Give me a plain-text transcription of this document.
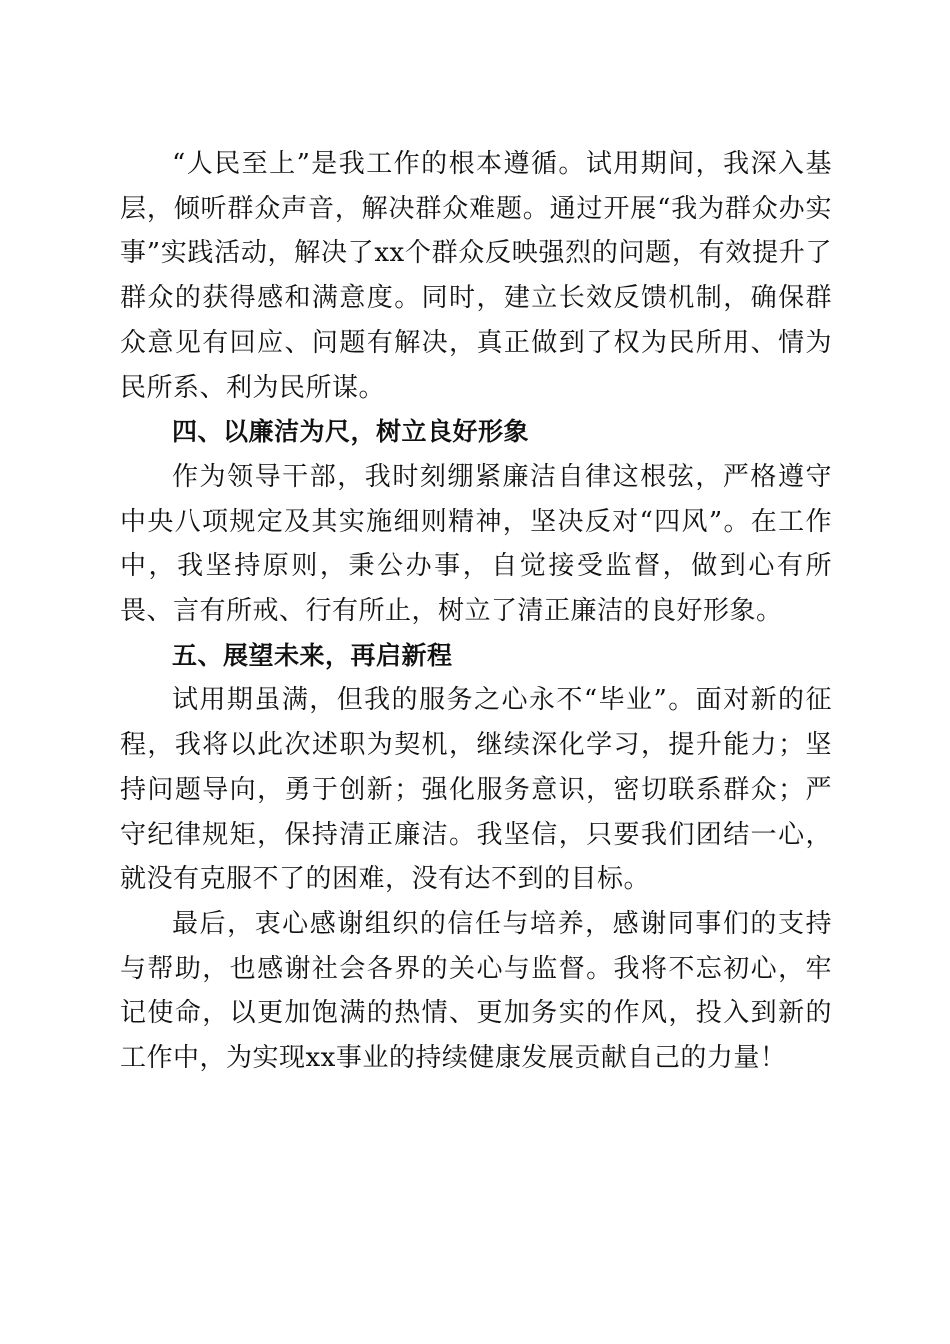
“人民至上”是我工作的根本遵循。试用期间，我深入基层，倾听群众声音，解决群众难题。通过开展“我为群众办实事”实践活动，解决了xx个群众反映强烈的问题，有效提升了群众的获得感和满意度。同时，建立长效反馈机制，确保群众意见有回应、问题有解决，真正做到了权为民所用、情为民所系、利为民所谋。

四、以廉洁为尺，树立良好形象

作为领导干部，我时刻绷紧廉洁自律这根弦，严格遵守中央八项规定及其实施细则精神，坚决反对“四风”。在工作中，我坚持原则，秉公办事，自觉接受监督，做到心有所畏、言有所戒、行有所止，树立了清正廉洁的良好形象。

五、展望未来，再启新程

试用期虽满，但我的服务之心永不“毕业”。面对新的征程，我将以此次述职为契机，继续深化学习，提升能力；坚持问题导向，勇于创新；强化服务意识，密切联系群众；严守纪律规矩，保持清正廉洁。我坚信，只要我们团结一心，就没有克服不了的困难，没有达不到的目标。

最后，衷心感谢组织的信任与培养，感谢同事们的支持与帮助，也感谢社会各界的关心与监督。我将不忘初心，牢记使命，以更加饱满的热情、更加务实的作风，投入到新的工作中，为实现xx事业的持续健康发展贡献自己的力量！
